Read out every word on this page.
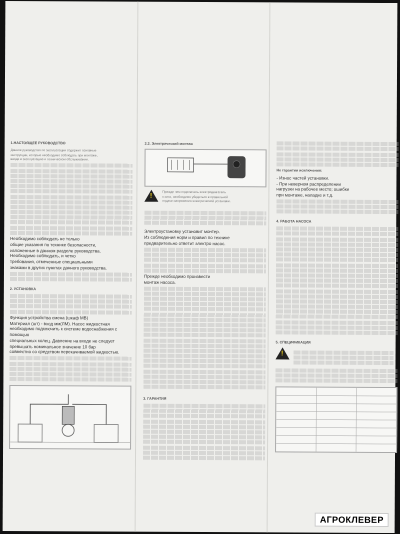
1.НАСТОЯЩЕЕ РУКОВОДСТВО
Данное руководство по эксплуатации содержит основные
инструкции, которые необходимо соблюдать при монтаже,
вводе в эксплуатацию и техническом обслуживании.
Необходимо соблюдать не только
общие указания по технике безопасности,
изложенные в данном разделе руководства.
Необходимо соблюдать, и четко
требования, отмеченные специальными
знаками в других пунктах данного руководства.
2. УСТАНОВКА
Функция устройства смена (шкаф MB)
Материал (шт) - вход мм(ЛМ). Насос жидкостная
необходимо подключить к системе водоснабжения с помощью
специальных колец. Давление на входе не следует
превышать номинальное значение 10 бар
совместно со средством перекачиваемой жидкостью.
2.2. Электрический монтаж
!
Прежде чем подключать электродвигатель
к сети, необходимо убедиться в правильной
подаче напряжения электрической установки.
Электроустановку установит монтер.
Из соблюдения норм и правил по технике
предварительно ответит электро насос.
Прежде необходимо произвести
монтаж насоса.
3. ГАРАНТИЯ
Не гарантии исключения:
- Износ частей установки.
- При неверном распределении
нагрузки на рабочее место; ошибки
при монтаже, наладке и т.д.
4. РАБОТА НАСОСА
5. СПЕЦИФИКАЦИЯ
!
АГРОКЛЕВЕР
